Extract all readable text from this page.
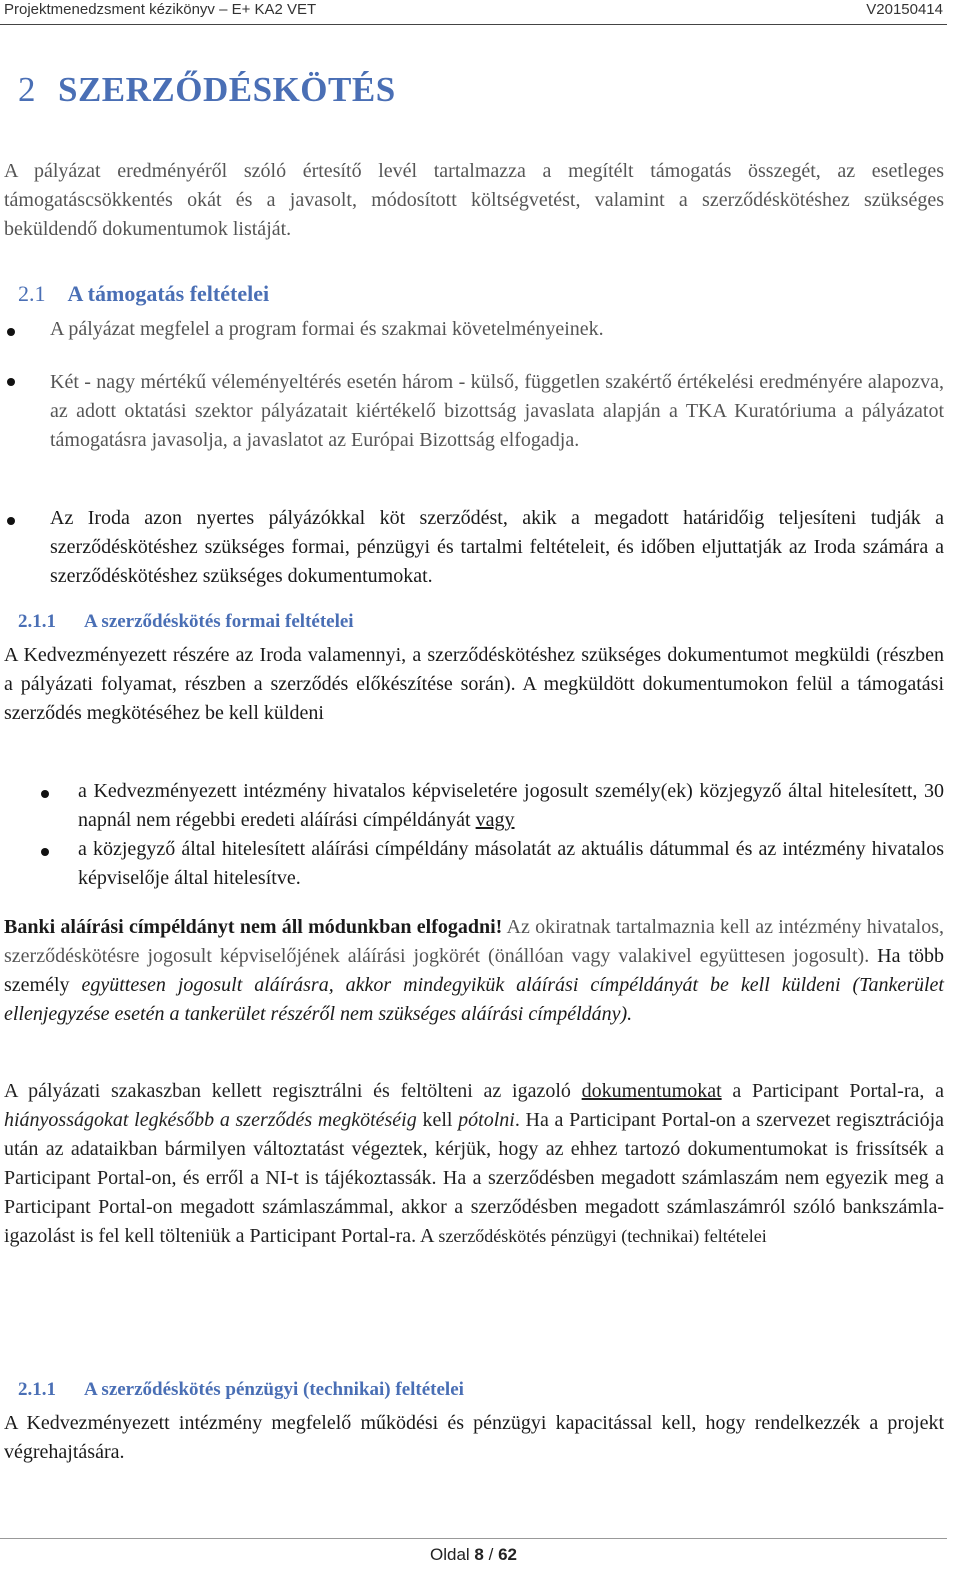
Projektmenedzsment kézikönyv – E+ KA2 VET	V20150414
2 SZERZŐDÉSKÖTÉS

A pályázat eredményéről szóló értesítő levél tartalmazza a megítélt támogatás összegét, az esetleges támogatáscsökkentés okát és a javasolt, módosított költségvetést, valamint a szerződéskötéshez szükséges beküldendő dokumentumok listáját.

2.1 A támogatás feltételei

A pályázat megfelel a program formai és szakmai követelményeinek.

Két - nagy mértékű véleményeltérés esetén három - külső, független szakértő értékelési eredményére alapozva, az adott oktatási szektor pályázatait kiértékelő bizottság javaslata alapján a TKA Kuratóriuma a pályázatot támogatásra javasolja, a javaslatot az Európai Bizottság elfogadja.

Az Iroda azon nyertes pályázókkal köt szerződést, akik a megadott határidőig teljesíteni tudják a szerződéskötéshez szükséges formai, pénzügyi és tartalmi feltételeit, és időben eljuttatják az Iroda számára a szerződéskötéshez szükséges dokumentumokat.

2.1.1 A szerződéskötés formai feltételei

A Kedvezményezett részére az Iroda valamennyi, a szerződéskötéshez szükséges dokumentumot megküldi (részben a pályázati folyamat, részben a szerződés előkészítése során). A megküldött dokumentumokon felül a támogatási szerződés megkötéséhez be kell küldeni

a Kedvezményezett intézmény hivatalos képviseletére jogosult személy(ek) közjegyző által hitelesített, 30 napnál nem régebbi eredeti aláírási címpéldányát vagy

a közjegyző által hitelesített aláírási címpéldány másolatát az aktuális dátummal és az intézmény hivatalos képviselője által hitelesítve.

Banki aláírási címpéldányt nem áll módunkban elfogadni! Az okiratnak tartalmaznia kell az intézmény hivatalos, szerződéskötésre jogosult képviselőjének aláírási jogkörét (önállóan vagy valakivel együttesen jogosult). Ha több személy együttesen jogosult aláírásra, akkor mindegyikük aláírási címpéldányát be kell küldeni (Tankerület ellenjegyzése esetén a tankerület részéről nem szükséges aláírási címpéldány).

A pályázati szakaszban kellett regisztrálni és feltölteni az igazoló dokumentumokat a Participant Portal-ra, a hiányosságokat legkésőbb a szerződés megkötéséig kell pótolni. Ha a Participant Portal-on a szervezet regisztrációja után az adataikban bármilyen változtatást végeztek, kérjük, hogy az ehhez tartozó dokumentumokat is frissítsék a Participant Portal-on, és erről a NI-t is tájékoztassák. Ha a szerződésben megadott számlaszám nem egyezik meg a Participant Portal-on megadott számlaszámmal, akkor a szerződésben megadott számlaszámról szóló bankszámla-igazolást is fel kell tölteniük a Participant Portal-ra. A szerződéskötés pénzügyi (technikai) feltételei

2.1.1 A szerződéskötés pénzügyi (technikai) feltételei

A Kedvezményezett intézmény megfelelő működési és pénzügyi kapacitással kell, hogy rendelkezzék a projekt végrehajtására.

Oldal 8 / 62
